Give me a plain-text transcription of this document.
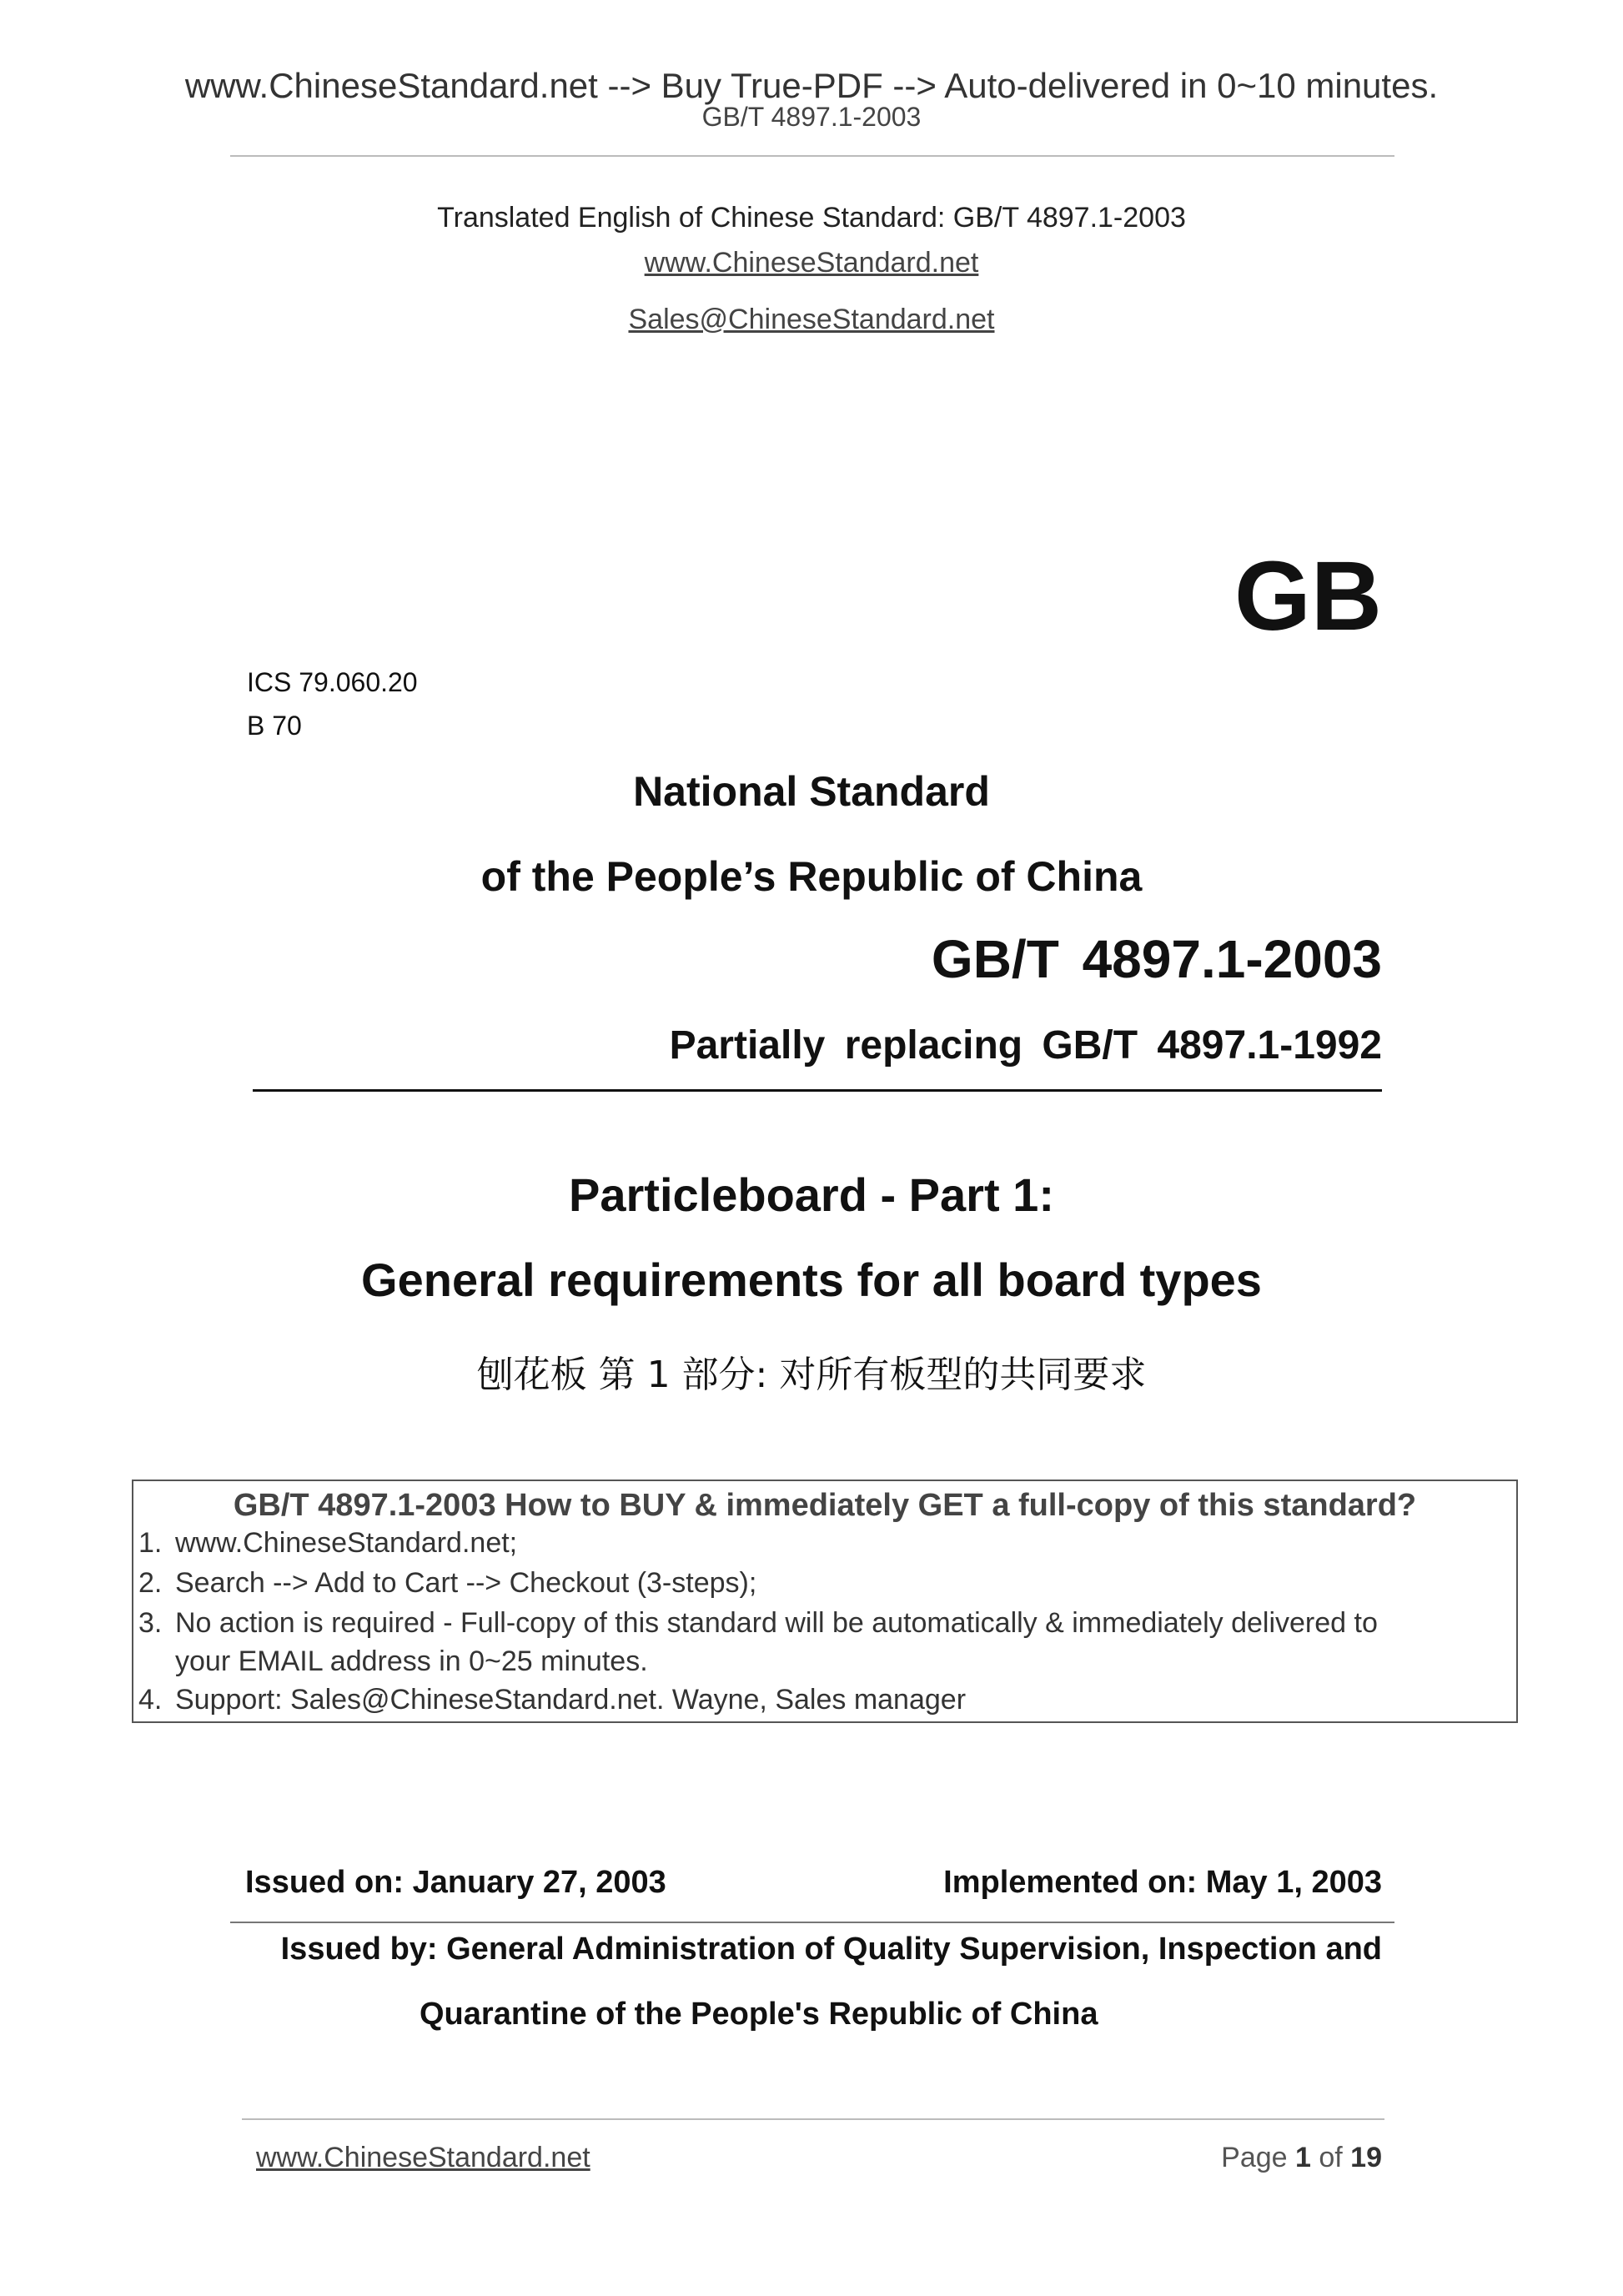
www.ChineseStandard.net --> Buy True-PDF --> Auto-delivered in 0~10 minutes.
GB/T 4897.1-2003
Translated English of Chinese Standard: GB/T 4897.1-2003
www.ChineseStandard.net
Sales@ChineseStandard.net
GB
ICS 79.060.20
B 70
National Standard
of the People’s Republic of China
GB/T 4897.1-2003
Partially replacing GB/T 4897.1-1992
Particleboard - Part 1:
General requirements for all board types
刨花板 第 1 部分: 对所有板型的共同要求
GB/T 4897.1-2003 How to BUY & immediately GET a full-copy of this standard?
1. www.ChineseStandard.net;
2. Search --> Add to Cart --> Checkout (3-steps);
3. No action is required - Full-copy of this standard will be automatically & immediately delivered to
your EMAIL address in 0~25 minutes.
4. Support: Sales@ChineseStandard.net. Wayne, Sales manager
Issued on: January 27, 2003	Implemented on: May 1, 2003
Issued by: General Administration of Quality Supervision, Inspection and
Quarantine of the People's Republic of China
www.ChineseStandard.net	Page 1 of 19
